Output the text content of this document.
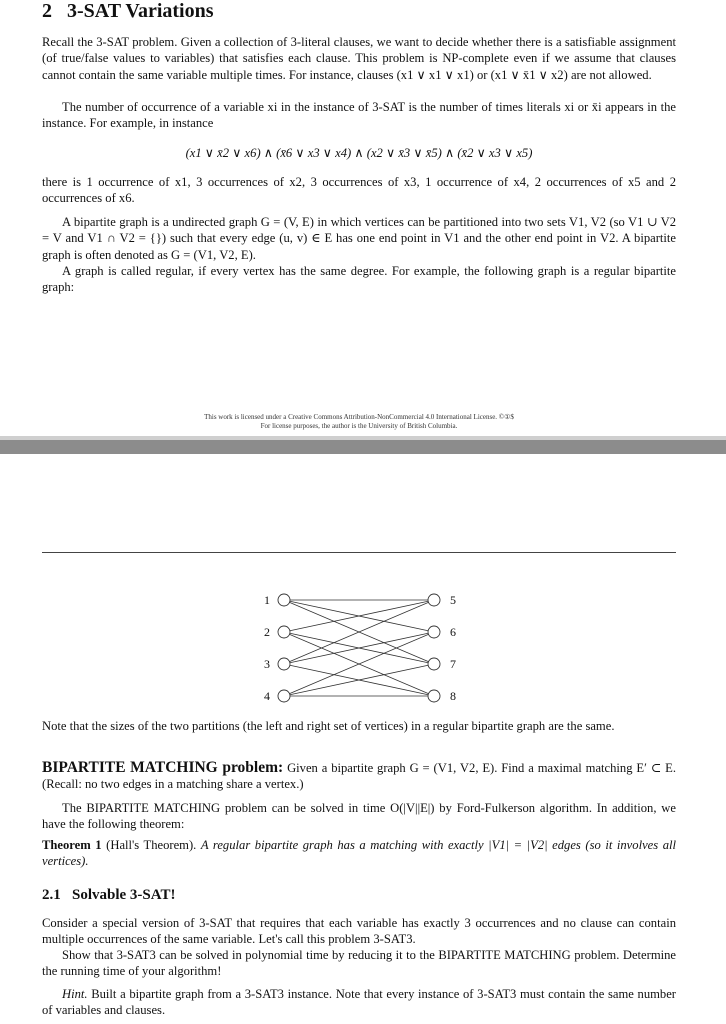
2 3-SAT Variations
Recall the 3-SAT problem. Given a collection of 3-literal clauses, we want to decide whether there is a satisfiable assignment (of true/false values to variables) that satisfies each clause. This problem is NP-complete even if we assume that clauses cannot contain the same variable multiple times. For instance, clauses (x1 ∨ x1 ∨ x1) or (x1 ∨ x̄1 ∨ x2) are not allowed.
The number of occurrence of a variable xi in the instance of 3-SAT is the number of times literals xi or x̄i appears in the instance. For example, in instance
(x1 ∨ x̄2 ∨ x6) ∧ (x̄6 ∨ x3 ∨ x4) ∧ (x2 ∨ x̄3 ∨ x̄5) ∧ (x̄2 ∨ x3 ∨ x5)
there is 1 occurrence of x1, 3 occurrences of x2, 3 occurrences of x3, 1 occurrence of x4, 2 occurrences of x5 and 2 occurrences of x6.
A bipartite graph is a undirected graph G = (V, E) in which vertices can be partitioned into two sets V1, V2 (so V1 ∪ V2 = V and V1 ∩ V2 = {}) such that every edge (u, v) ∈ E has one end point in V1 and the other end point in V2. A bipartite graph is often denoted as G = (V1, V2, E).
A graph is called regular, if every vertex has the same degree. For example, the following graph is a regular bipartite graph:
This work is licensed under a Creative Commons Attribution-NonCommercial 4.0 International License. ©①$
For license purposes, the author is the University of British Columbia.
1
2
3
4
5
6
7
8
Note that the sizes of the two partitions (the left and right set of vertices) in a regular bipartite graph are the same.
BIPARTITE MATCHING problem: Given a bipartite graph G = (V1, V2, E). Find a maximal matching E′ ⊂ E. (Recall: no two edges in a matching share a vertex.)
The BIPARTITE MATCHING problem can be solved in time O(|V||E|) by Ford-Fulkerson algorithm. In addition, we have the following theorem:
Theorem 1 (Hall's Theorem). A regular bipartite graph has a matching with exactly |V1| = |V2| edges (so it involves all vertices).
2.1 Solvable 3-SAT!
Consider a special version of 3-SAT that requires that each variable has exactly 3 occurrences and no clause can contain multiple occurrences of the same variable. Let's call this problem 3-SAT3.
Show that 3-SAT3 can be solved in polynomial time by reducing it to the BIPARTITE MATCHING problem. Determine the running time of your algorithm!
Hint. Built a bipartite graph from a 3-SAT3 instance. Note that every instance of 3-SAT3 must contain the same number of variables and clauses.
